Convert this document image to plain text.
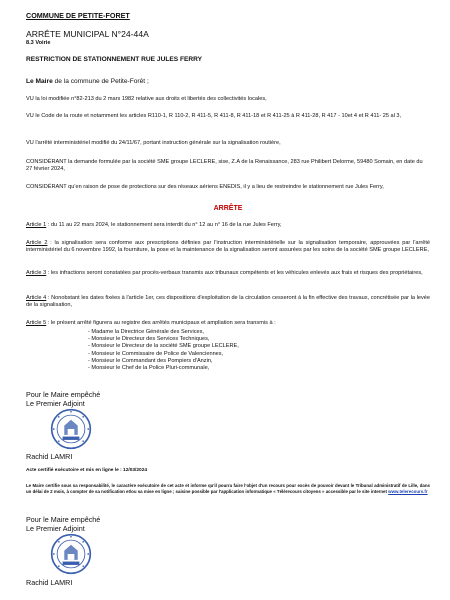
COMMUNE DE PETITE-FORET
ARRÊTE MUNICIPAL N°24-44A
8.3 Voirie
RESTRICTION DE STATIONNEMENT RUE JULES FERRY
Le Maire de la commune de Petite-Forêt ;
VU la loi modifiée n°82-213 du 2 mars 1982 relative aux droits et libertés des collectivités locales,
VU le Code de la route et notamment les articles R110-1, R 110-2, R 411-5, R 411-8, R 411-18 et R 411-25 à R 411-28, R 417 - 10et 4 et R 411- 25 al 3,
VU l'arrêté interministériel modifié du 24/11/67, portant instruction générale sur la signalisation routière,
CONSIDÉRANT la demande formulée par la société SME groupe LECLERE, sise, Z.A de la Renaissance, 283 rue Philibert Delorme, 59480 Somain, en date du 27 février 2024,
CONSIDÉRANT qu'en raison de pose de protections sur des réseaux aériens ENEDIS, il y a lieu de restreindre le stationnement rue Jules Ferry,
ARRÊTE
Article 1 : du 11 au 22 mars 2024, le stationnement sera interdit du n° 12 au n° 16 de la rue Jules Ferry,
Article 2 : la signalisation sera conforme aux prescriptions définies par l'instruction interministérielle sur la signalisation temporaire, approuvées par l'arrêté interministériel du 6 novembre 1992, la fourniture, la pose et la maintenance de la signalisation seront assurées par les soins de la société SME groupe LECLERE,
Article 3 : les infractions seront constatées par procès-verbaux transmis aux tribunaux compétents et les véhicules enlevés aux frais et risques des propriétaires,
Article 4 : Nonobstant les dates fixées à l'article 1er, ces dispositions d'exploitation de la circulation cesseront à la fin effective des travaux, concrétisée par la levée de la signalisation,
Article 5 : le présent arrêté figurera au registre des arrêtés municipaux et ampliation sera transmis à :
- Madame la Directrice Générale des Services,
- Monsieur le Directeur des Services Techniques,
- Monsieur le Directeur de la société SME groupe LECLERE,
- Monsieur le Commissaire de Police de Valenciennes,
- Monsieur le Commandant des Pompiers d'Anzin,
- Monsieur le Chef de la Police Pluri-communale,
Pour le Maire empêché
Le Premier Adjoint
Rachid LAMRI
Acte certifié exécutoire et mis en ligne le : 12/03/2024
Le Maire certifie sous sa responsabilité, le caractère exécutoire de cet acte et informe qu'il pourra faire l'objet d'un recours pour excès de pouvoir devant le Tribunal administratif de Lille, dans un délai de 2 mois, à compter de sa notification et/ou sa mise en ligne ; saisine possible par l'application informatique « Télérecours citoyens » accessible par le site internet www.telerecours.fr
Pour le Maire empêché
Le Premier Adjoint
Rachid LAMRI
